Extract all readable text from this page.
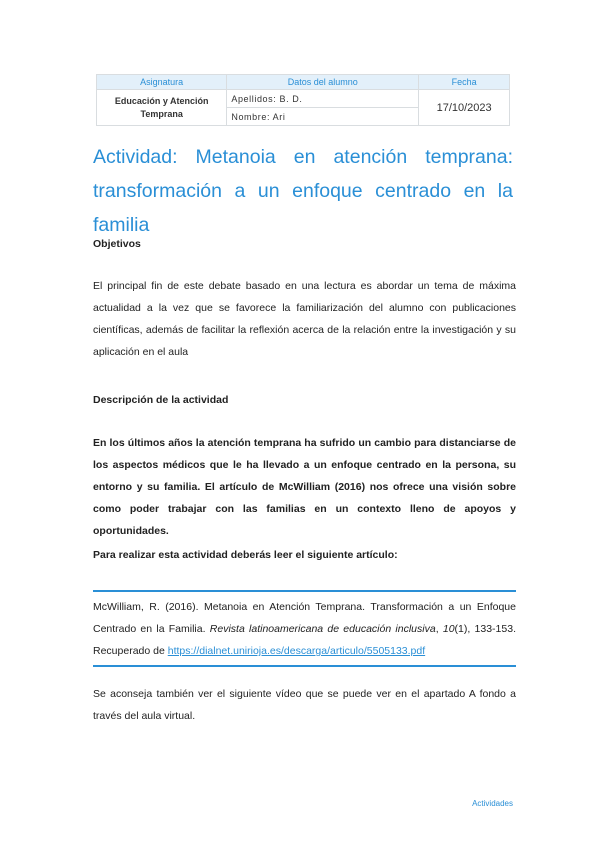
Asignatura	Datos del alumno	Fecha
Educación y Atención Temprana	Apellidos: B. D.	17/10/2023
	Nombre: Ari	
Actividad: Metanoia en atención temprana: transformación a un enfoque centrado en la familia

Objetivos

El principal fin de este debate basado en una lectura es abordar un tema de máxima actualidad a la vez que se favorece la familiarización del alumno con publicaciones científicas, además de facilitar la reflexión acerca de la relación entre la investigación y su aplicación en el aula

Descripción de la actividad

En los últimos años la atención temprana ha sufrido un cambio para distanciarse de los aspectos médicos que le ha llevado a un enfoque centrado en la persona, su entorno y su familia. El artículo de McWilliam (2016) nos ofrece una visión sobre como poder trabajar con las familias en un contexto lleno de apoyos y oportunidades.

Para realizar esta actividad deberás leer el siguiente artículo:

McWilliam, R. (2016). Metanoia en Atención Temprana. Transformación a un Enfoque Centrado en la Familia. Revista latinoamericana de educación inclusiva, 10(1), 133-153. Recuperado de https://dialnet.unirioja.es/descarga/articulo/5505133.pdf

Se aconseja también ver el siguiente vídeo que se puede ver en el apartado A fondo a través del aula virtual.

Actividades
